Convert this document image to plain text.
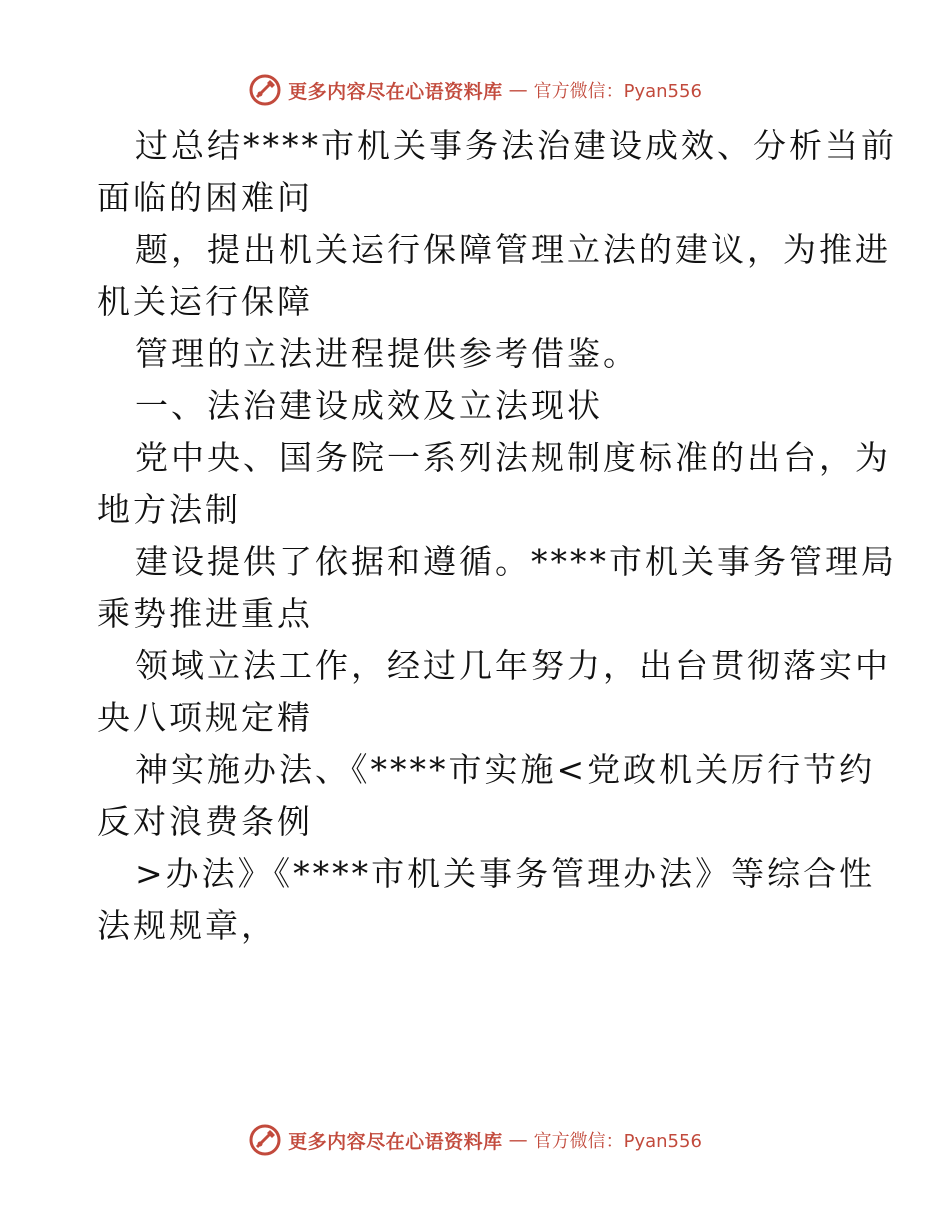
更多内容尽在心语资料库 — 官方微信：Pyan556
过总结****市机关事务法治建设成效、分析当前
面临的困难问
题，提出机关运行保障管理立法的建议，为推进
机关运行保障
管理的立法进程提供参考借鉴。
一、法治建设成效及立法现状
党中央、国务院一系列法规制度标准的出台，为
地方法制
建设提供了依据和遵循。****市机关事务管理局
乘势推进重点
领域立法工作，经过几年努力，出台贯彻落实中
央八项规定精
神实施办法、《****市实施<党政机关厉行节约
反对浪费条例
>办法》《****市机关事务管理办法》等综合性
法规规章，
更多内容尽在心语资料库 — 官方微信：Pyan556
